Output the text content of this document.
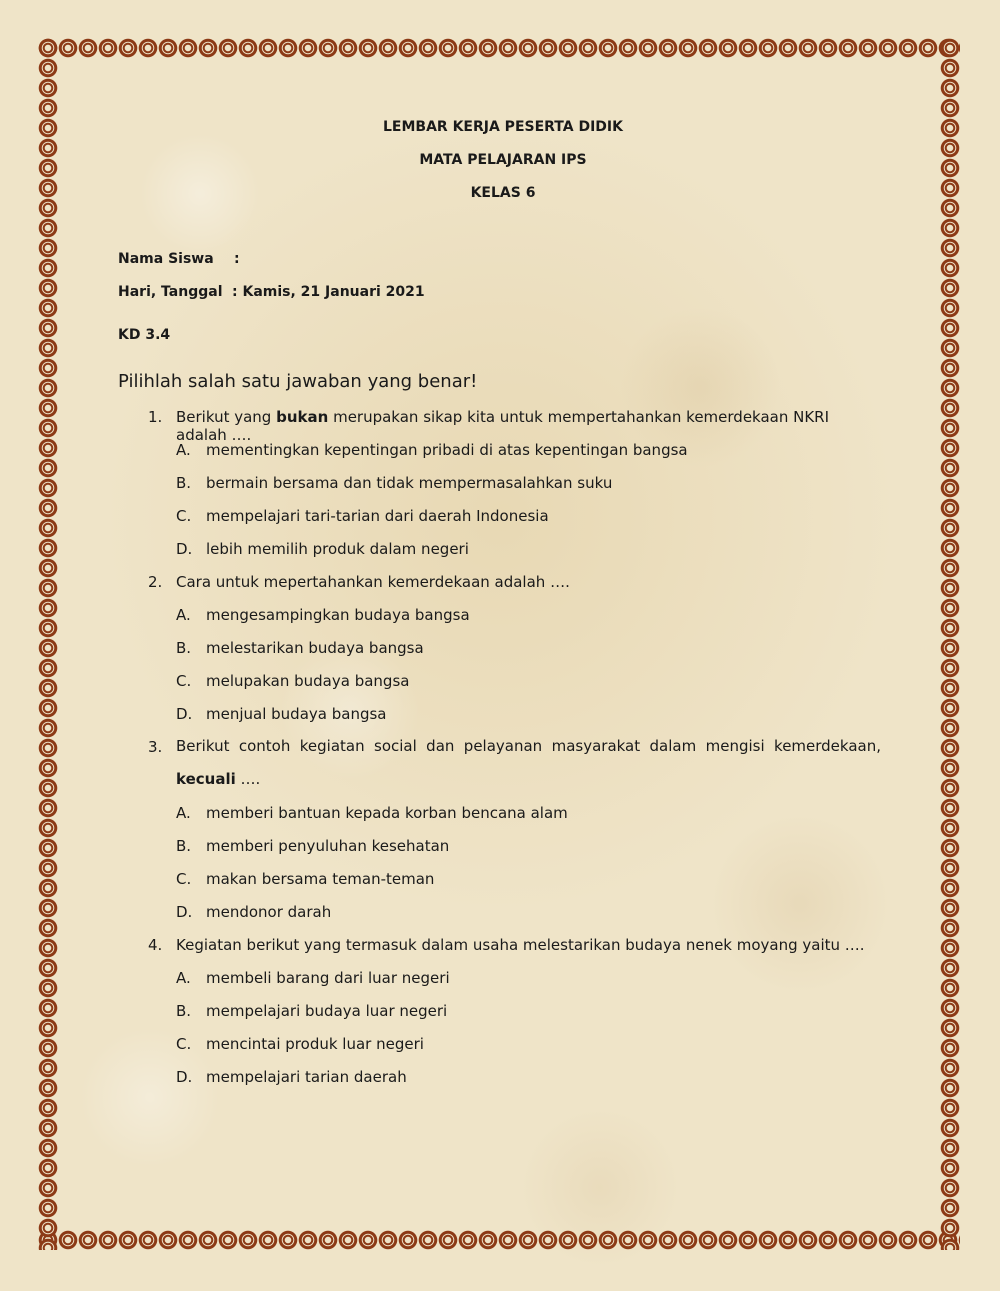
LEMBAR KERJA PESERTA DIDIK
MATA PELAJARAN IPS
KELAS 6
Nama Siswa :
Hari, Tanggal : Kamis, 21 Januari 2021
KD 3.4
Pilihlah salah satu jawaban yang benar!
1. Berikut yang bukan merupakan sikap kita untuk mempertahankan kemerdekaan NKRI adalah ….
A. mementingkan kepentingan pribadi di atas kepentingan bangsa
B. bermain bersama dan tidak mempermasalahkan suku
C. mempelajari tari-tarian dari daerah Indonesia
D. lebih memilih produk dalam negeri
2. Cara untuk mepertahankan kemerdekaan adalah ….
A. mengesampingkan budaya bangsa
B. melestarikan budaya bangsa
C. melupakan budaya bangsa
D. menjual budaya bangsa
3. Berikut contoh kegiatan social dan pelayanan masyarakat dalam mengisi kemerdekaan, kecuali ….
A. memberi bantuan kepada korban bencana alam
B. memberi penyuluhan kesehatan
C. makan bersama teman-teman
D. mendonor darah
4. Kegiatan berikut yang termasuk dalam usaha melestarikan budaya nenek moyang yaitu ….
A. membeli barang dari luar negeri
B. mempelajari budaya luar negeri
C. mencintai produk luar negeri
D. mempelajari tarian daerah
